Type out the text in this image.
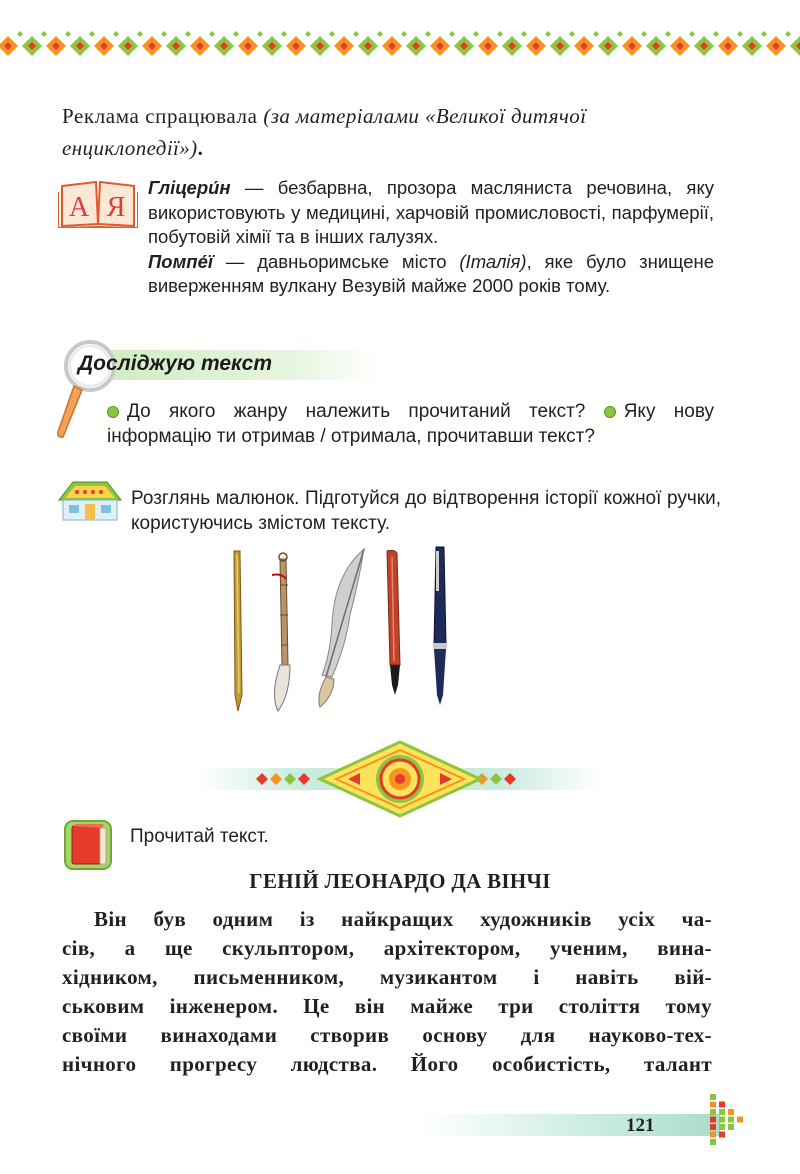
Реклама спрацювала (за матеріалами «Великої дитячої енциклопедії»).
А Я

Гліцери́н — безбарвна, прозора масляниста речовина, яку використовують у медицині, харчовій промисловості, парфумерії, побутовій хімії та в інших галузях.

Помпе́ї — давньоримське місто (Італія), яке було знищене виверженням вулкану Везувій майже 2000 років тому.

Досліджую текст
До якого жанру належить прочитаний текст? Яку нову інформацію ти отримав / отримала, прочитавши текст?
Розглянь малюнок. Підготуйся до відтворення історії кожної ручки, користуючись змістом тексту.
Прочитай текст.
ГЕНІЙ ЛЕОНАРДО ДА ВІНЧІ
Він був одним із найкращих художників усіх ча-
сів, а ще скульптором, архітектором, ученим, вина-
хідником, письменником, музикантом і навіть вій-
ськовим інженером. Це він майже три століття тому
своїми винаходами створив основу для науково-тех-
нічного прогресу людства. Його особистість, талант
121
